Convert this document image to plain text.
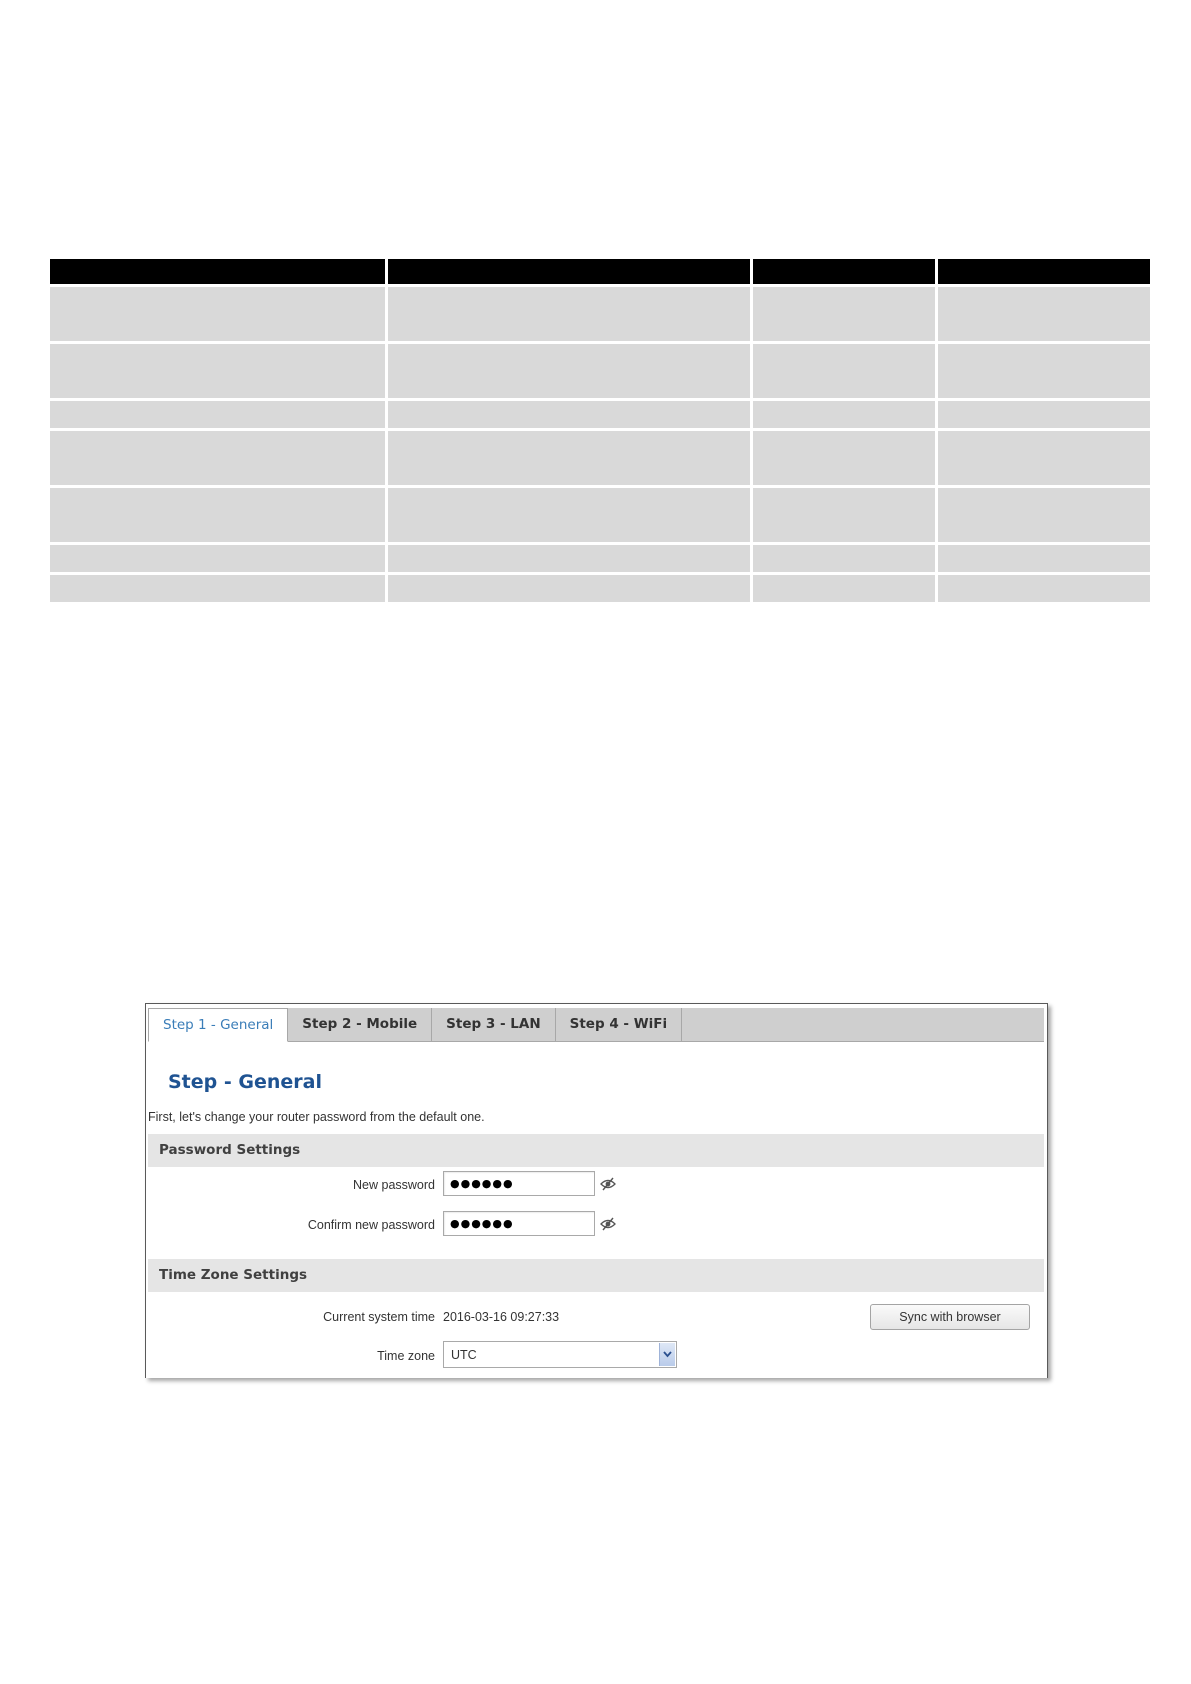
Step 1 - General	Step 2 - Mobile	Step 3 - LAN	Step 4 - WiFi
Step - General

First, let's change your router password from the default one.

Password Settings
New password
●●●●●●
Confirm new password
●●●●●●
Time Zone Settings
Current system time 2016-03-16 09:27:33	Sync with browser
Time zone UTC
